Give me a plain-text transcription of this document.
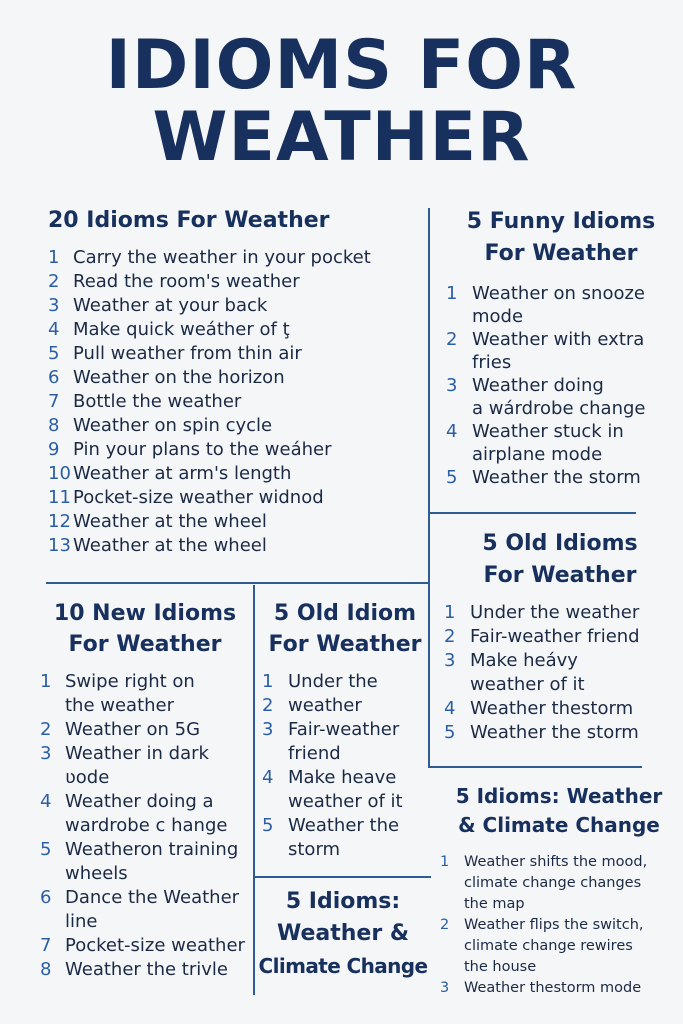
IDIOMS FOR
WEATHER
20 Idioms For Weather
1 Carry the weather in your pocket
2 Read the room's weather
3 Weather at your back
4 Make quick weáther of ţ
5 Pull weather from thin air
6 Weather on the horizon
7 Bottle the weather
8 Weather on spin cycle
9 Pin your plans to the weáher
10 Weather at arm's length
11 Pocket-size weather widnod
12 Weather at the wheel
13 Weather at the wheel
5 Funny Idioms
For Weather
1 Weather on snooze
mode
2 Weather with extra
fries
3 Weather doing
a wárdrobe change
4 Weather stuck in
airplane mode
5 Weather the storm
5 Old Idioms
For Weather
1 Under the weather
2 Fair-weather friend
3 Make heávy
weather of it
4 Weather thestorm
5 Weather the storm
10 New Idioms
For Weather
1 Swipe right on
the weather
2 Weather on 5G
3 Weather in dark
ʋode
4 Weather doing a
wardrobe c hange
5 Weatheron training
wheels
6 Dance the Weather
line
7 Pocket-size weather
8 Weather the trivle
5 Old Idiom
For Weather
1 Under the
2 weather
3 Fair-weather
friend
4 Make heave
weather of it
5 Weather the
storm
5 Idioms:
Weather &
Climate Change
5 Idioms: Weather
& Climate Change
1	Weather shifts the mood,
climate change changes
the map
2	Weather flips the switch,
climate change rewires
the house
3	Weather thestorm mode
